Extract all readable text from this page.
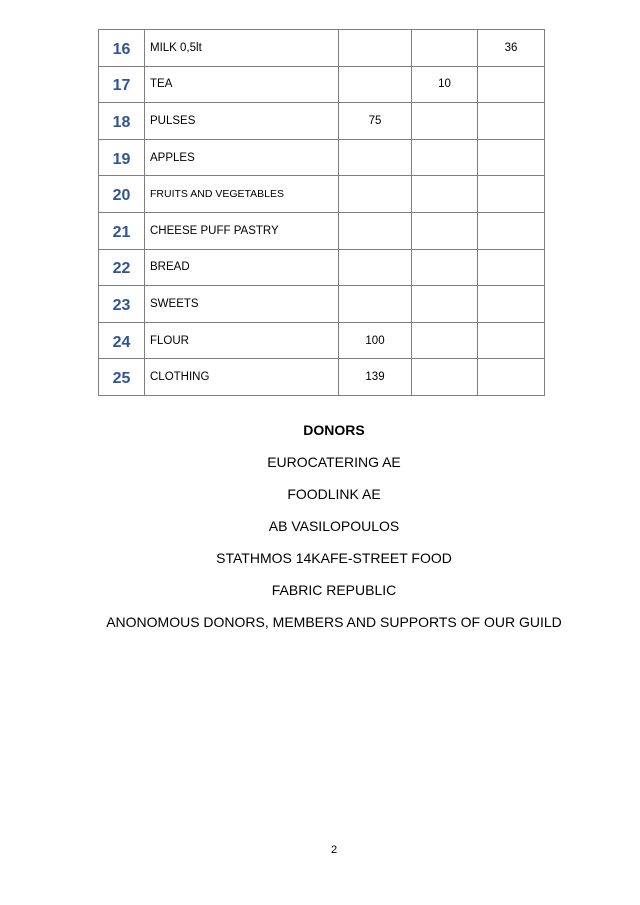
16	MILK 0,5lt			36
17	TEA		10	
18	PULSES	75		
19	APPLES			
20	FRUITS AND VEGETABLES			
21	CHEESE PUFF PASTRY			
22	BREAD			
23	SWEETS			
24	FLOUR	100		
25	CLOTHING	139		
DONORS
EUROCATERING AE
FOODLINK AE
AB VASILOPOULOS
STATHMOS 14KAFE-STREET FOOD
FABRIC REPUBLIC
ANONOMOUS DONORS, MEMBERS AND SUPPORTS OF OUR GUILD
2
